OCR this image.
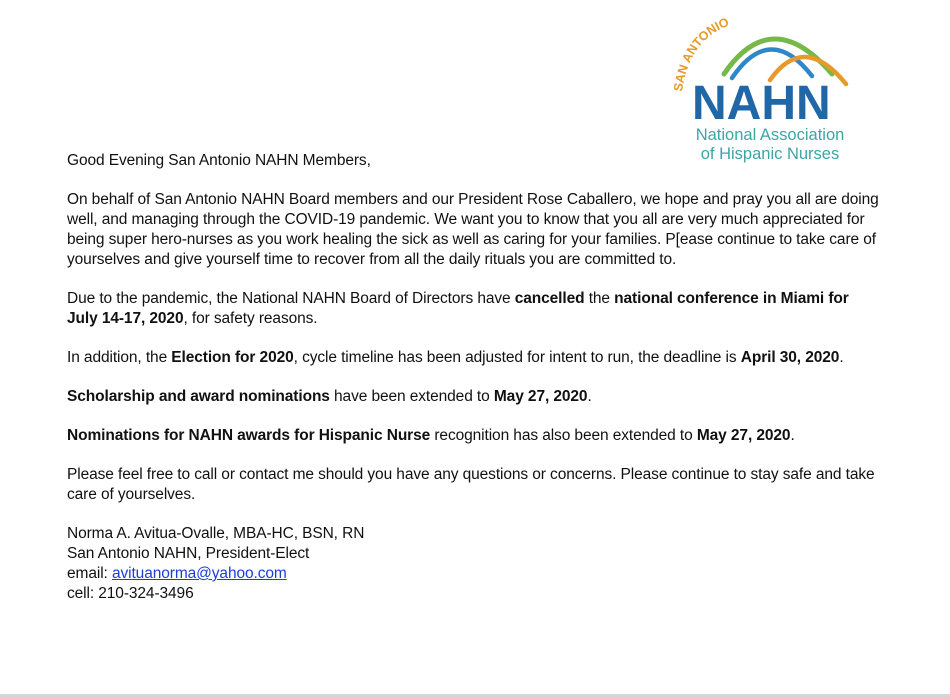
SAN ANTONIO
NAHN
National Association
of Hispanic Nurses

Good Evening San Antonio NAHN Members,

On behalf of San Antonio NAHN Board members and our President Rose Caballero, we hope and pray you all are doing well, and managing through the COVID-19 pandemic. We want you to know that you all are very much appreciated for being super hero-nurses as you work healing the sick as well as caring for your families. P[ease continue to take care of yourselves and give yourself time to recover from all the daily rituals you are committed to.

Due to the pandemic, the National NAHN Board of Directors have cancelled the national conference in Miami for July 14-17, 2020, for safety reasons.

In addition, the Election for 2020, cycle timeline has been adjusted for intent to run, the deadline is April 30, 2020.

Scholarship and award nominations have been extended to May 27, 2020.

Nominations for NAHN awards for Hispanic Nurse recognition has also been extended to May 27, 2020.

Please feel free to call or contact me should you have any questions or concerns. Please continue to stay safe and take care of yourselves.

Norma A. Avitua-Ovalle, MBA-HC, BSN, RN
San Antonio NAHN, President-Elect
email: avituanorma@yahoo.com
cell: 210-324-3496
